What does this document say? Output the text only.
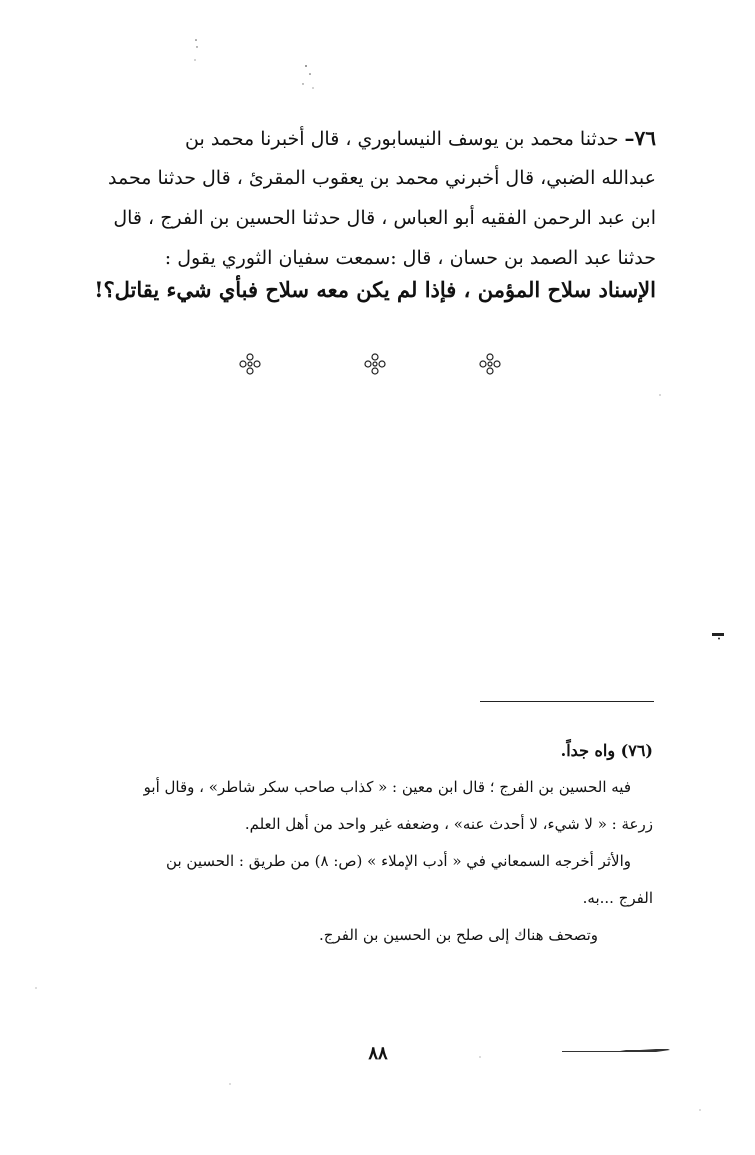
٧٦– حدثنا محمد بن يوسف النيسابوري ، قال أخبرنا محمد بن
عبدالله الضبي، قال أخبرني محمد بن يعقوب المقرئ ، قال حدثنا محمد
ابن عبد الرحمن الفقيه أبو العباس ، قال حدثنا الحسين بن الفرج ، قال
حدثنا عبد الصمد بن حسان ، قال :سمعت سفيان الثوري يقول :
الإسناد سلاح المؤمن ، فإذا لم يكن معه سلاح فبأي شيء يقاتل؟!
(٧٦) واه جداً.
فيه الحسين بن الفرج ؛ قال ابن معين : « كذاب صاحب سكر شاطر» ، وقال أبو
زرعة : « لا شيء، لا أحدث عنه» ، وضعفه غير واحد من أهل العلم.
والأثر أخرجه السمعاني في « أدب الإملاء » (ص: ٨) من طريق : الحسين بن
الفرج ...به.
وتصحف هناك إلى صلح بن الحسين بن الفرج.
٨٨
